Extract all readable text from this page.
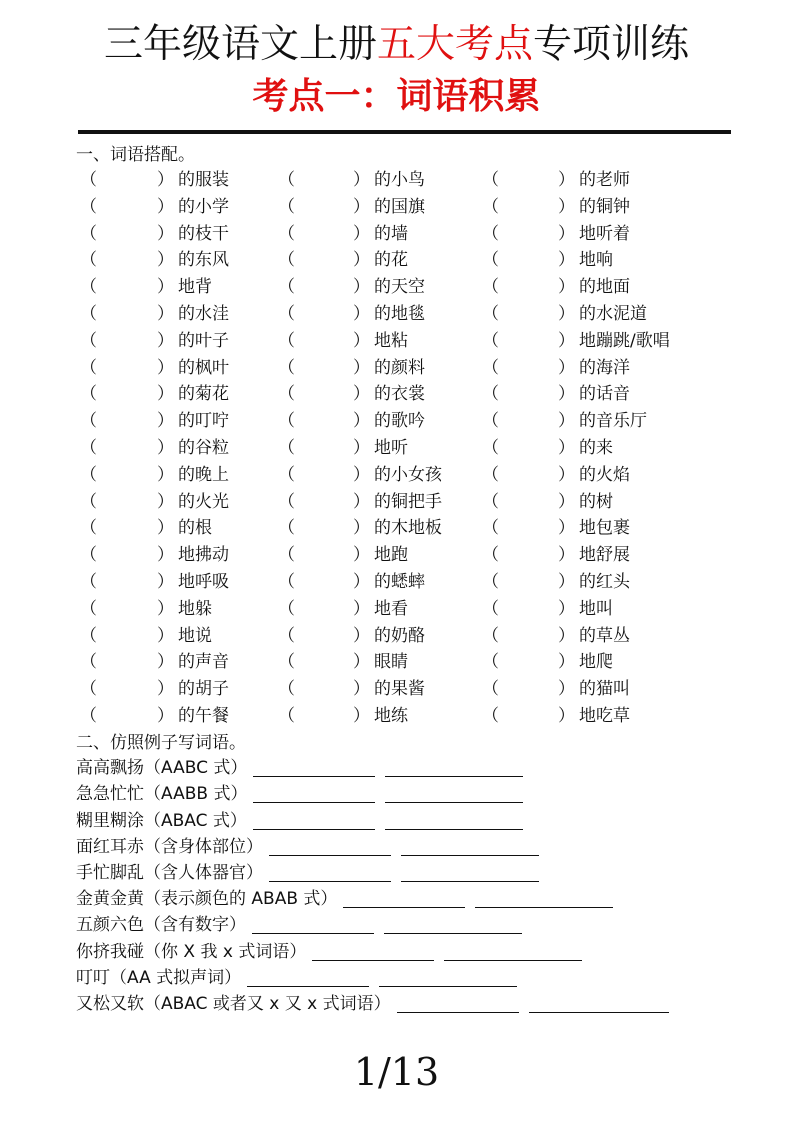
三年级语文上册五大考点专项训练
考点一：词语积累
一、词语搭配。
（	） 的服装	（	） 的小鸟	（	） 的老师
（	） 的小学	（	） 的国旗	（	） 的铜钟
（	） 的枝干	（	） 的墙	（	） 地听着
（	） 的东风	（	） 的花	（	） 地响
（	） 地背	（	） 的天空	（	） 的地面
（	） 的水洼	（	） 的地毯	（	） 的水泥道
（	） 的叶子	（	） 地粘	（	） 地蹦跳/歌唱
（	） 的枫叶	（	） 的颜料	（	） 的海洋
（	） 的菊花	（	） 的衣裳	（	） 的话音
（	） 的叮咛	（	） 的歌吟	（	） 的音乐厅
（	） 的谷粒	（	） 地听	（	） 的来
（	） 的晚上	（	） 的小女孩 （	） 的火焰
（	） 的火光	（	） 的铜把手 （	） 的树
（	） 的根	（	） 的木地板 （	） 地包裹
（	） 地拂动	（	） 地跑	（	） 地舒展
（	） 地呼吸	（	） 的蟋蟀	（	） 的红头
（	） 地躲	（	） 地看	（	） 地叫
（	） 地说	（	） 的奶酪	（	） 的草丛
（	） 的声音	（	） 眼睛	（	） 地爬
（	） 的胡子	（	） 的果酱	（	） 的猫叫
（	） 的午餐	（	） 地练	（	） 地吃草
二、仿照例子写词语。
高高飘扬（AABC 式）
急急忙忙（AABB 式）
糊里糊涂（ABAC 式）
面红耳赤（含身体部位）
手忙脚乱（含人体器官）
金黄金黄（表示颜色的 ABAB 式）
五颜六色（含有数字）
你挤我碰（你 X 我 x 式词语）
叮叮（AA 式拟声词）
又松又软（ABAC 或者又 x 又 x 式词语）
1/13
